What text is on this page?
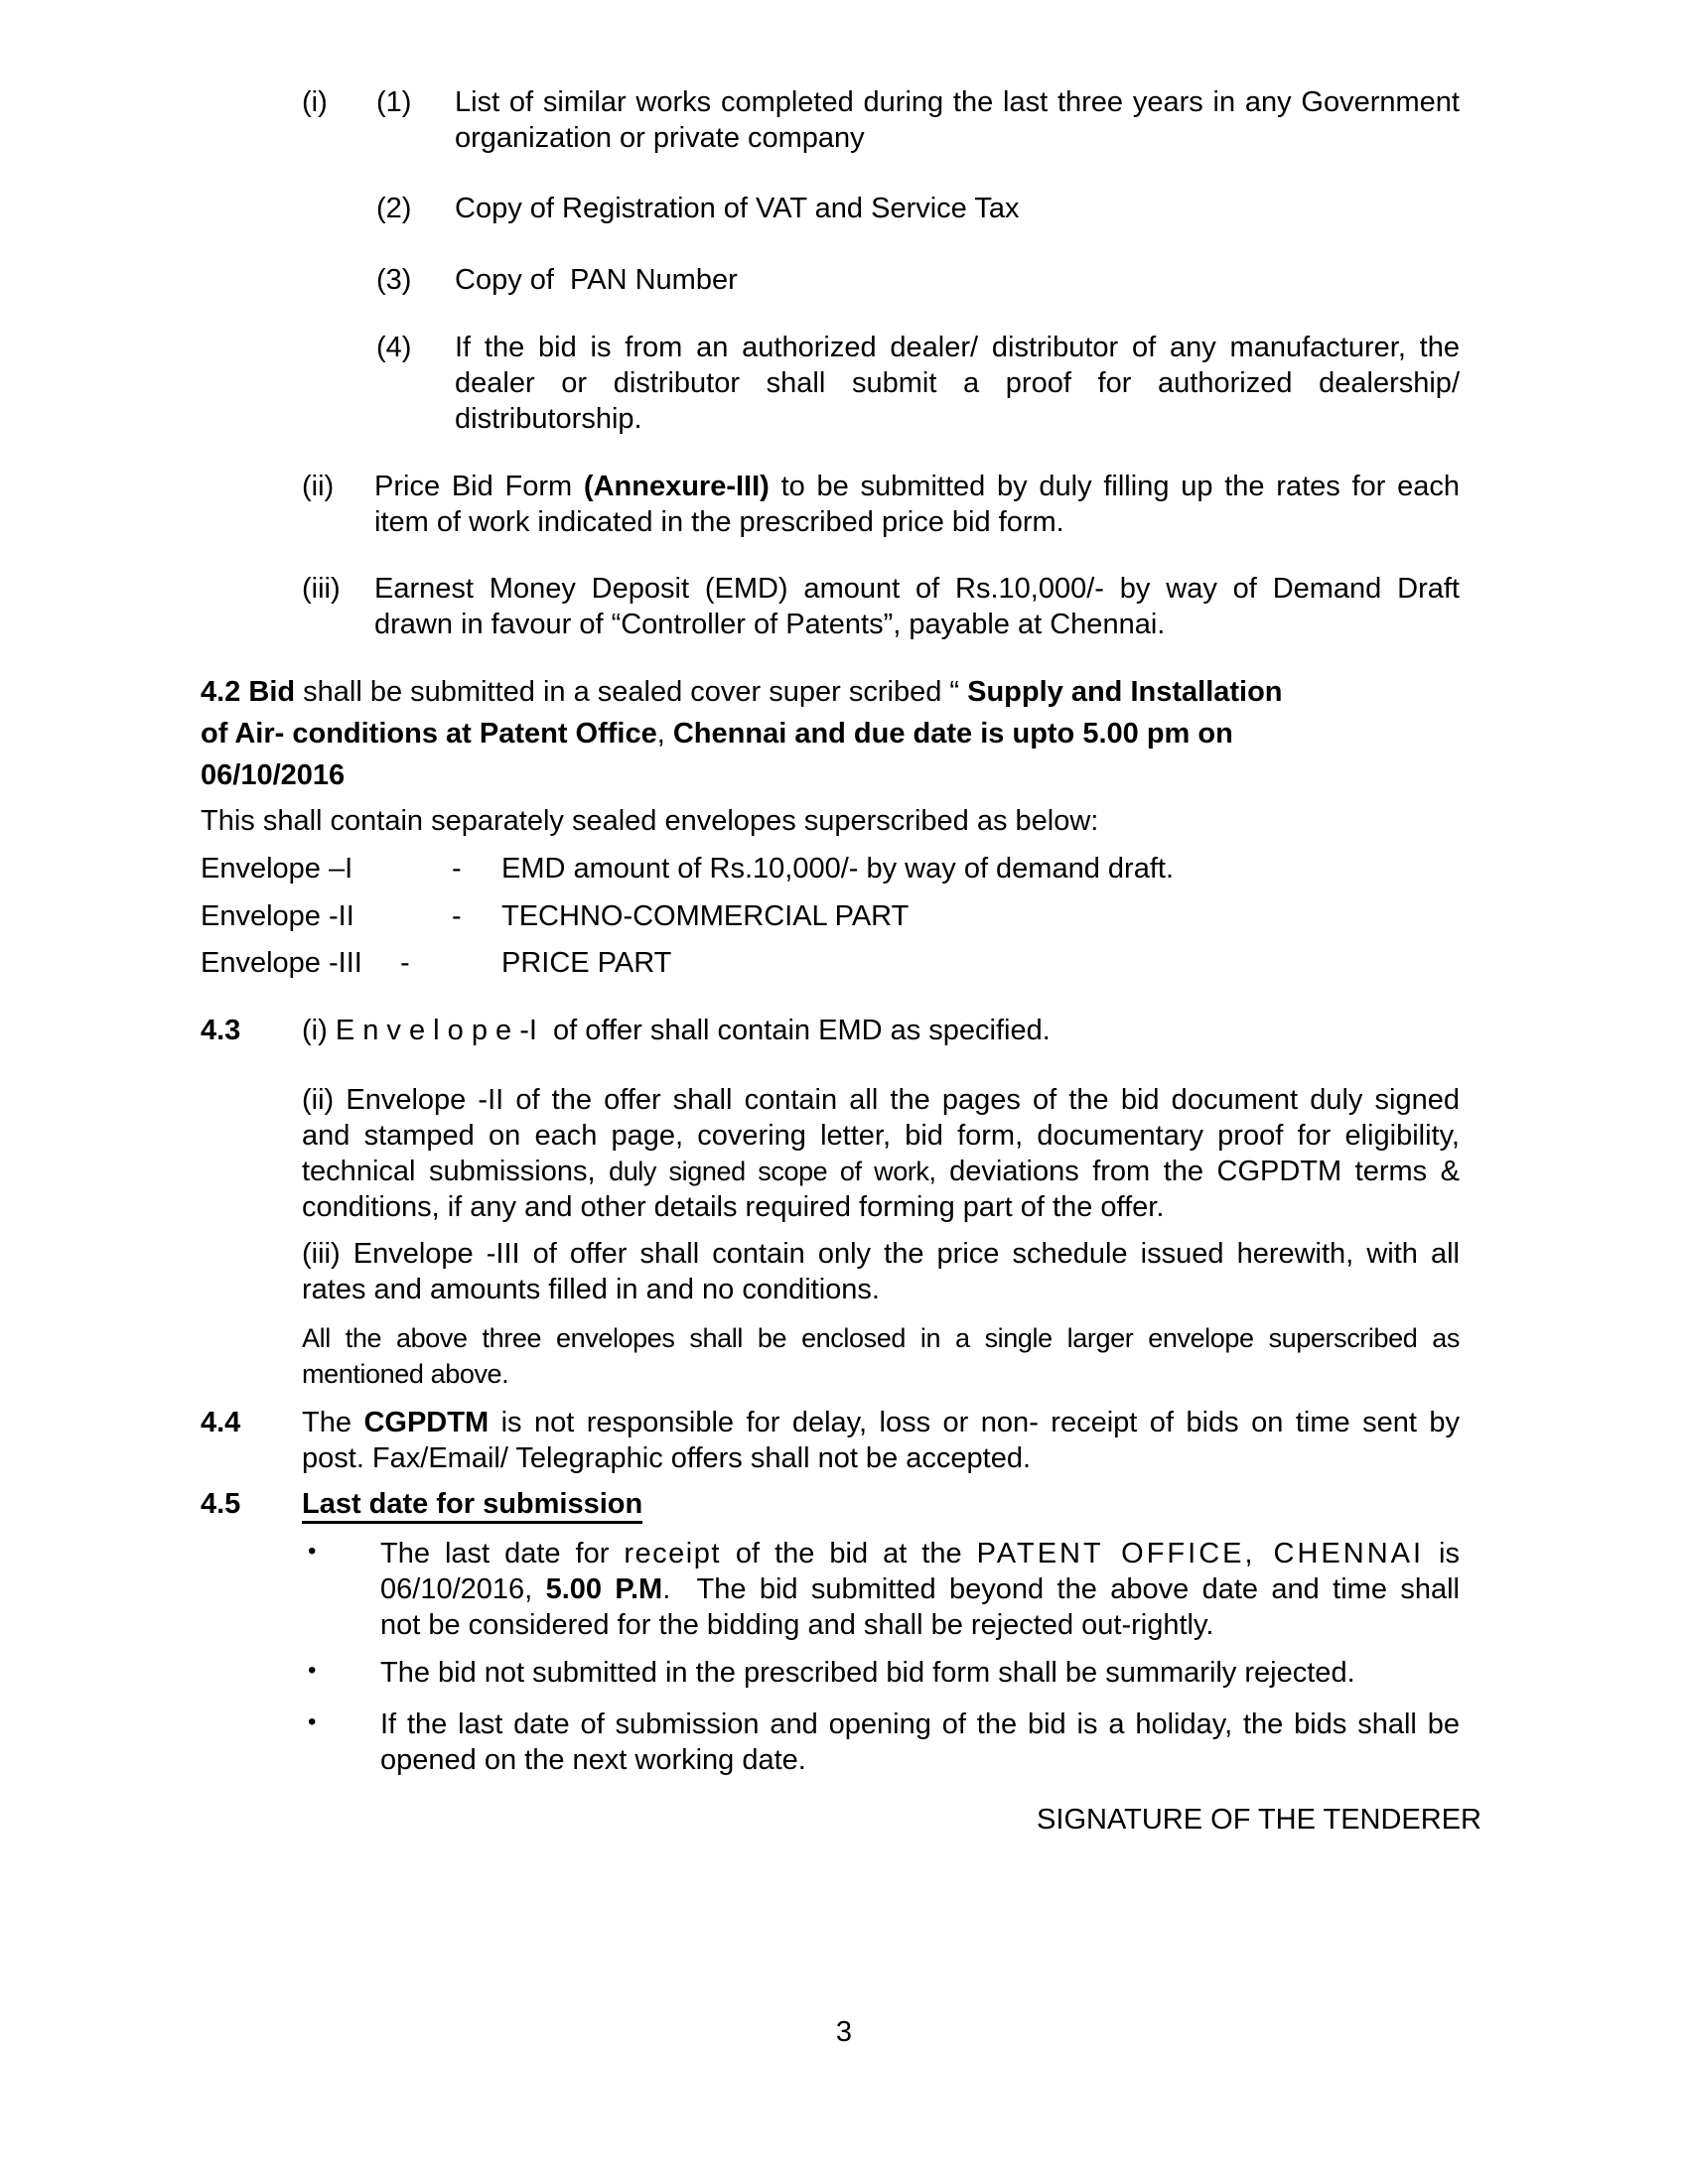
(i) (1) List of similar works completed during the last three years in any Government
organization or private company
(2) Copy of Registration of VAT and Service Tax
(3) Copy of  PAN Number
(4) If the bid is from an authorized dealer/ distributor of any manufacturer, the
dealer or distributor shall submit a proof for authorized dealership/
distributorship.
(ii) Price Bid Form (Annexure-III) to be submitted by duly filling up the rates for each
item of work indicated in the prescribed price bid form.
(iii) Earnest Money Deposit (EMD) amount of Rs.10,000/- by way of Demand Draft
drawn in favour of “Controller of Patents”, payable at Chennai.
4.2 Bid shall be submitted in a sealed cover super scribed “ Supply and Installation
of Air- conditions at Patent Office, Chennai and due date is upto 5.00 pm on
06/10/2016
This shall contain separately sealed envelopes superscribed as below:
Envelope –I	- EMD amount of Rs.10,000/- by way of demand draft.
Envelope -II	- TECHNO-COMMERCIAL PART
Envelope -III -	PRICE PART
4.3 (i) E n v e l o p e -I  of offer shall contain EMD as specified.
(ii) Envelope -II of the offer shall contain all the pages of the bid document duly signed
and stamped on each page, covering letter, bid form, documentary proof for eligibility,
technical submissions, duly signed scope of work, deviations from the CGPDTM terms &
conditions, if any and other details required forming part of the offer.
(iii) Envelope -III of offer shall contain only the price schedule issued herewith, with all
rates and amounts filled in and no conditions.
All the above three envelopes shall be enclosed in a single larger envelope superscribed as
mentioned above.
4.4 The CGPDTM is not responsible for delay, loss or non- receipt of bids on time sent by
post. Fax/Email/ Telegraphic offers shall not be accepted.
4.5 Last date for submission
• The last date for receipt of the bid at the PATENT OFFICE, CHENNAI is
06/10/2016, 5.00 P.M.  The bid submitted beyond the above date and time shall
not be considered for the bidding and shall be rejected out-rightly.
• The bid not submitted in the prescribed bid form shall be summarily rejected.
• If the last date of submission and opening of the bid is a holiday, the bids shall be
opened on the next working date.
SIGNATURE OF THE TENDERER
3
